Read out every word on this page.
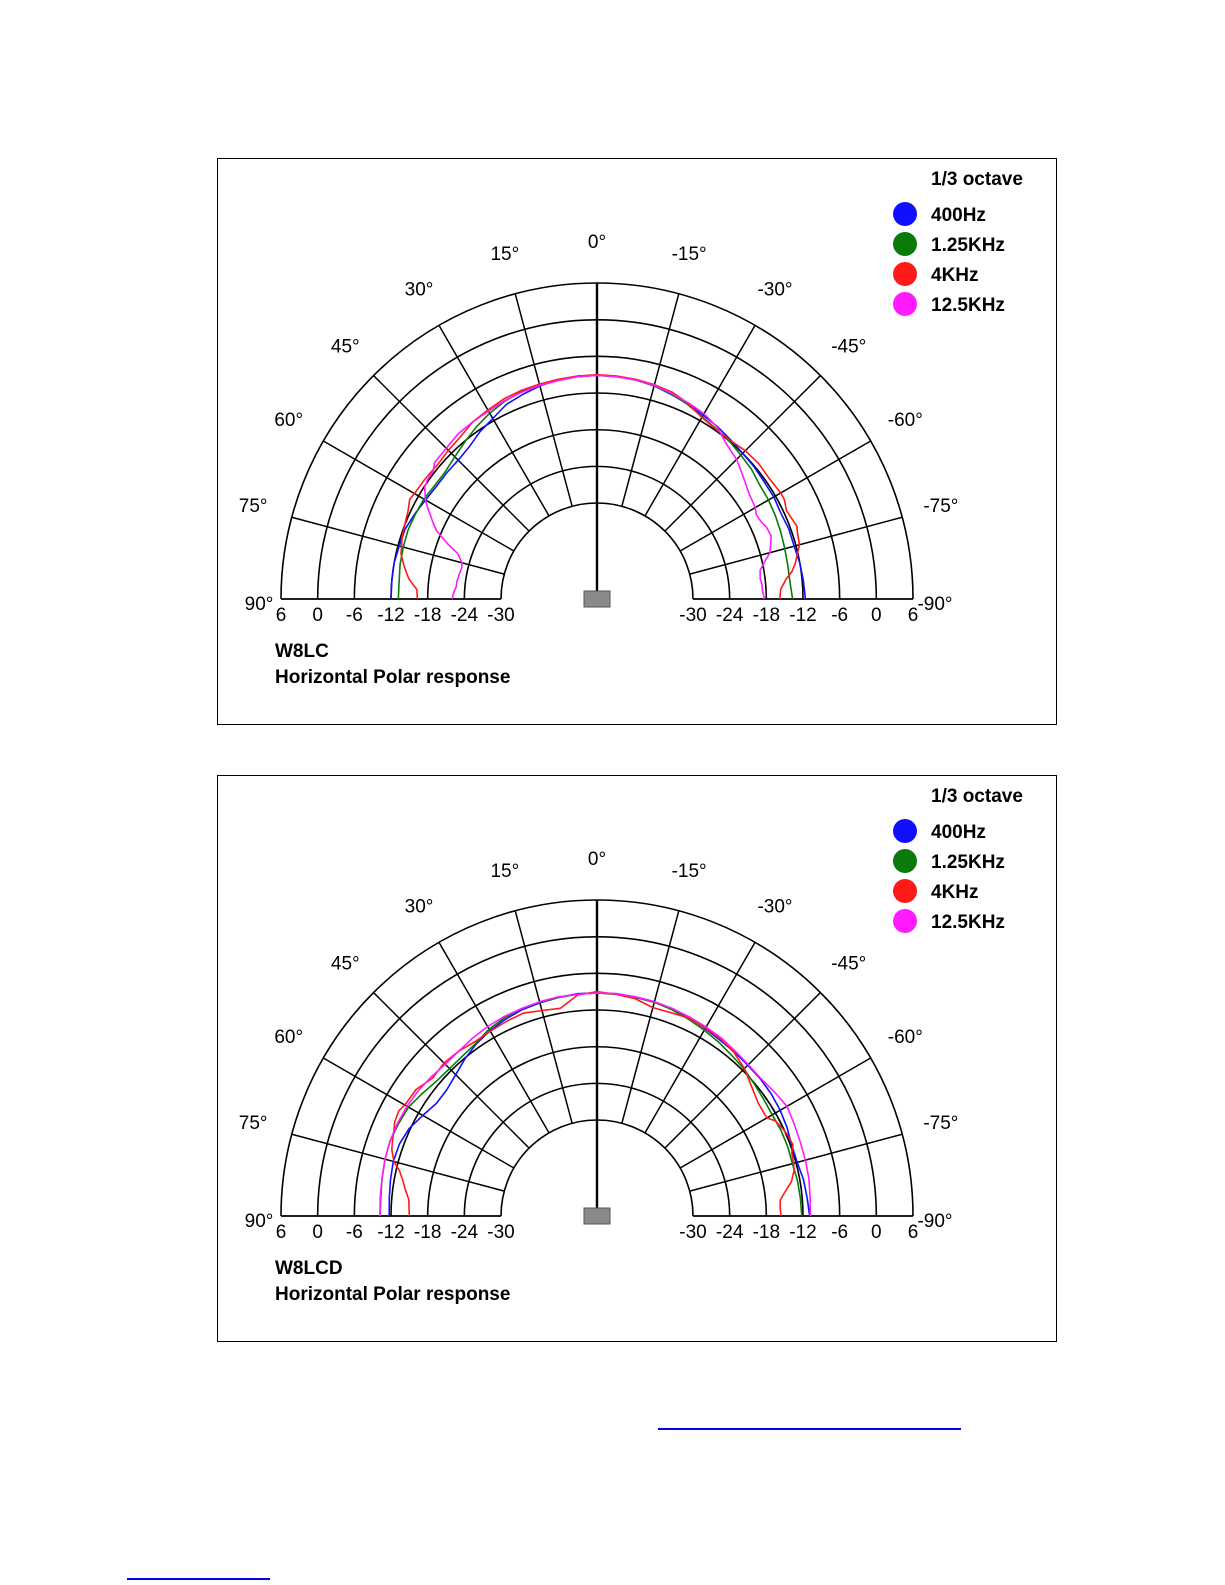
0°
15°
30°
45°
60°
75°
90°
-15°
-30°
-45°
-60°
-75°
-90°
6	6
0	0
-6	-6
-12	-12
-18	-18
-24	-24
-30	-30
1/3 octave
400Hz
1.25KHz
4KHz
12.5KHz
W8LC
Horizontal Polar response
0°
15°
30°
45°
60°
75°
90°
-15°
-30°
-45°
-60°
-75°
-90°
6	6
0	0
-6	-6
-12	-12
-18	-18
-24	-24
-30	-30
1/3 octave
400Hz
1.25KHz
4KHz
12.5KHz
W8LCD
Horizontal Polar response
